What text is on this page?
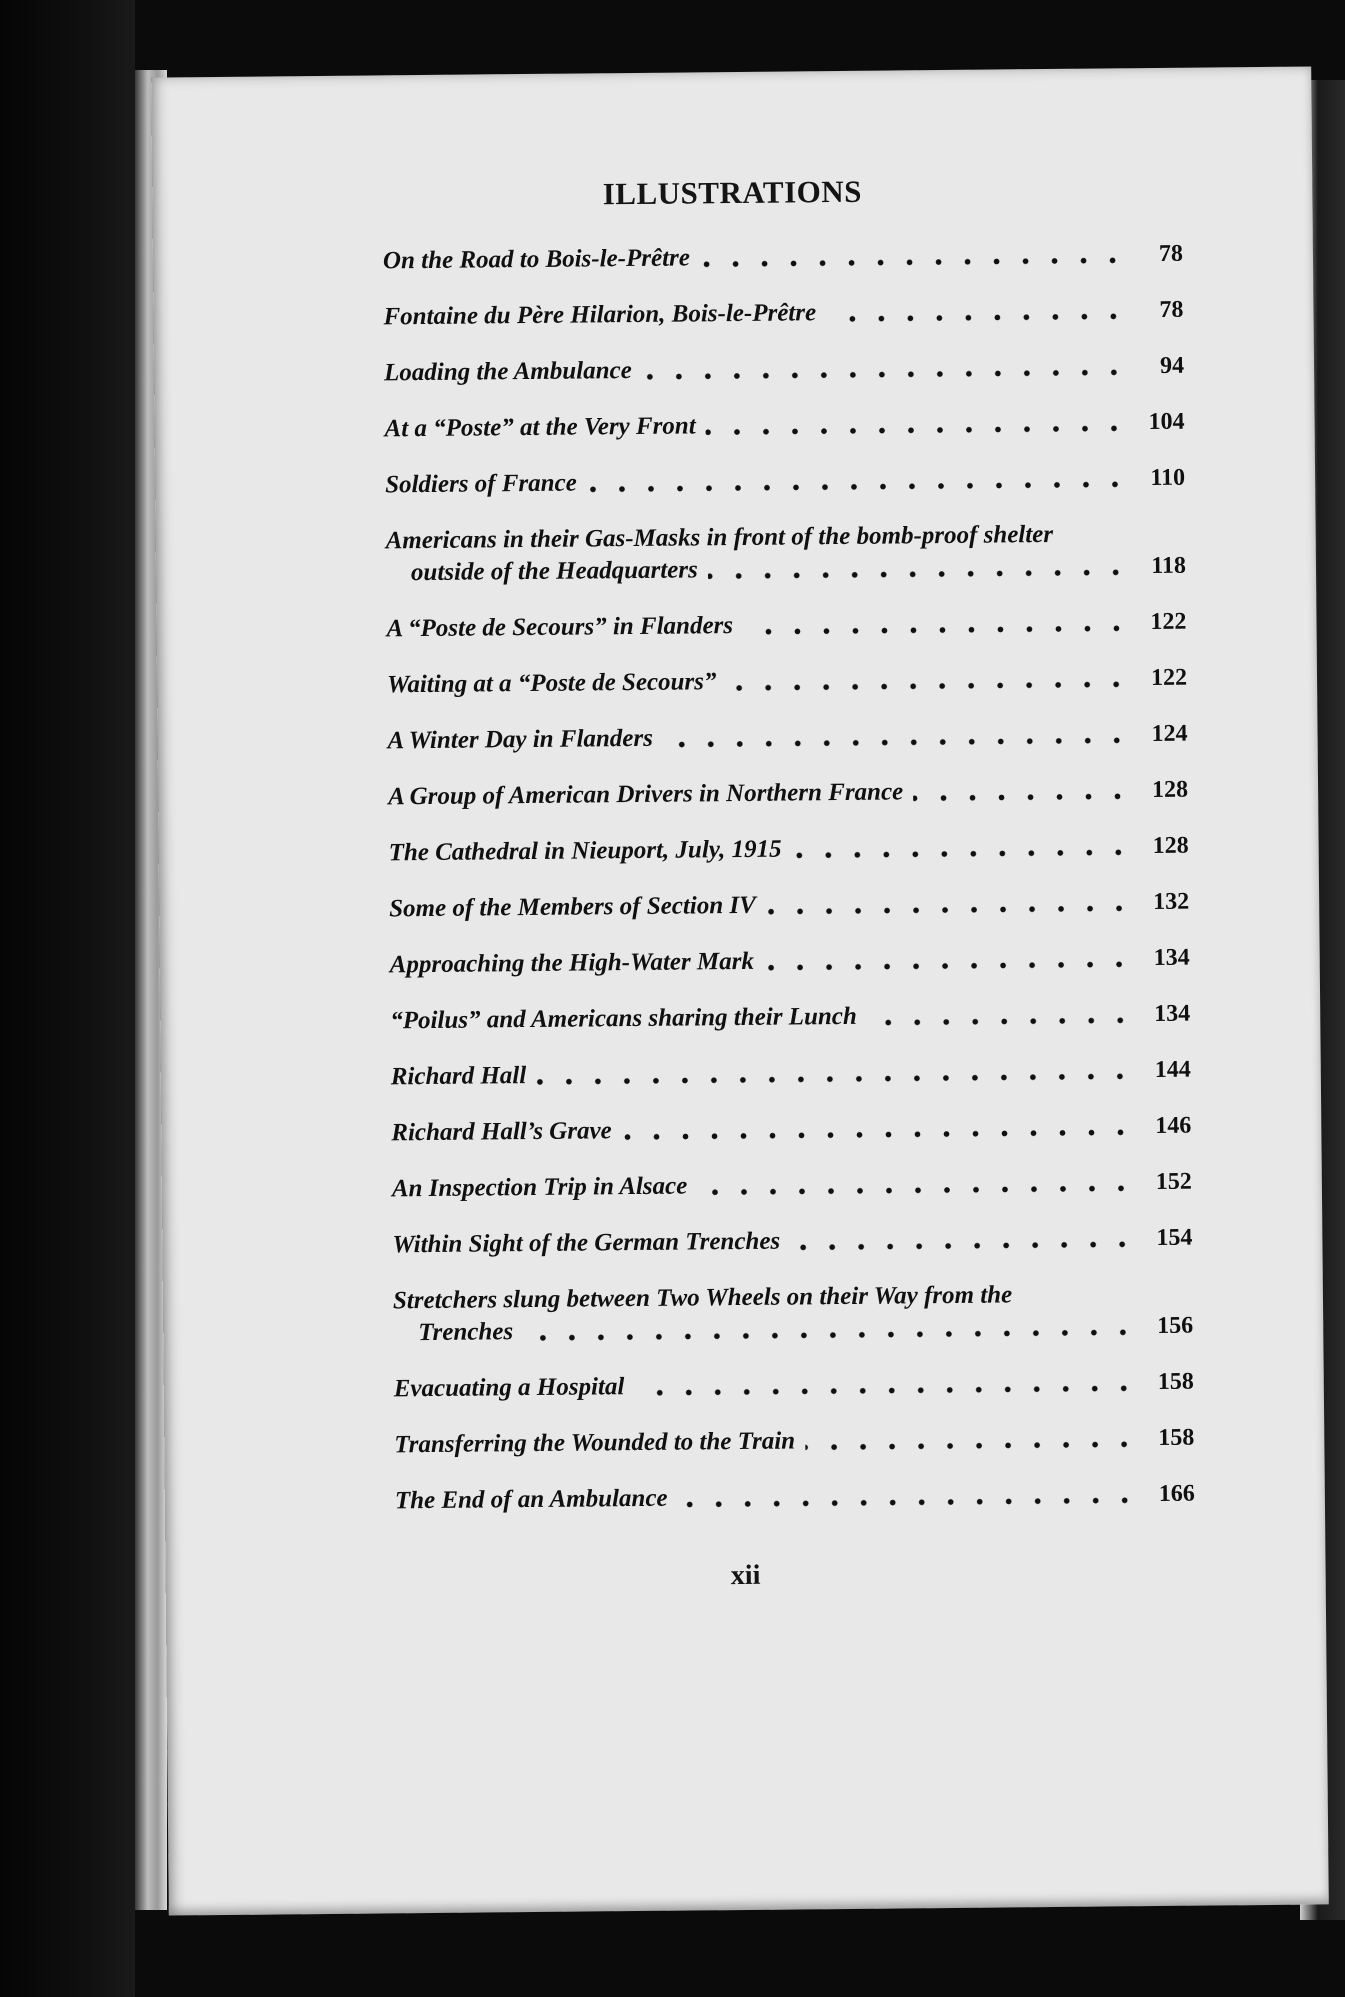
ILLUSTRATIONS
On the Road to Bois-le-Prêtre	78
Fontaine du Père Hilarion, Bois-le-Prêtre	78
Loading the Ambulance	94
At a “Poste” at the Very Front	104
Soldiers of France	110
Americans in their Gas-Masks in front of the bomb-proof shelter
outside of the Headquarters	118
A “Poste de Secours” in Flanders	122
Waiting at a “Poste de Secours”	122
A Winter Day in Flanders	124
A Group of American Drivers in Northern France	128
The Cathedral in Nieuport, July, 1915	128
Some of the Members of Section IV	132
Approaching the High-Water Mark	134
“Poilus” and Americans sharing their Lunch	134
Richard Hall	144
Richard Hall’s Grave	146
An Inspection Trip in Alsace	152
Within Sight of the German Trenches	154
Stretchers slung between Two Wheels on their Way from the
Trenches	156
Evacuating a Hospital	158
Transferring the Wounded to the Train	158
The End of an Ambulance	166
xii
